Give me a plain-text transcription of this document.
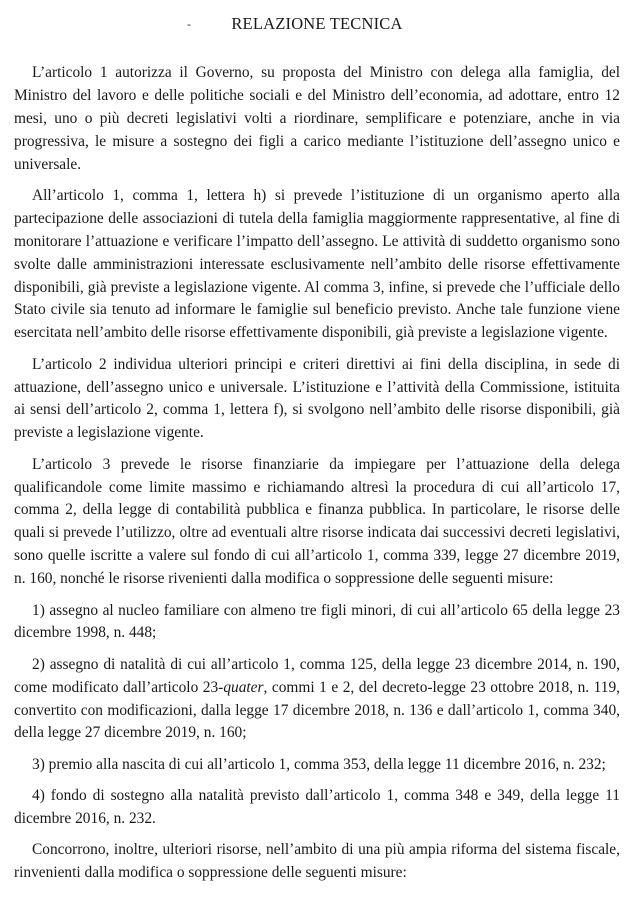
-	RELAZIONE TECNICA

L’articolo 1 autorizza il Governo, su proposta del Ministro con delega alla famiglia, del Ministro del lavoro e delle politiche sociali e del Ministro dell’economia, ad adottare, entro 12 mesi, uno o più decreti legislativi volti a riordinare, semplificare e potenziare, anche in via progressiva, le misure a sostegno dei figli a carico mediante l’istituzione dell’assegno unico e universale.

All’articolo 1, comma 1, lettera h) si prevede l’istituzione di un organismo aperto alla partecipazione delle associazioni di tutela della famiglia maggiormente rappresentative, al fine di monitorare l’attuazione e verificare l’impatto dell’assegno. Le attività di suddetto organismo sono svolte dalle amministrazioni interessate esclusivamente nell’ambito delle risorse effettivamente disponibili, già previste a legislazione vigente. Al comma 3, infine, si prevede che l’ufficiale dello Stato civile sia tenuto ad informare le famiglie sul beneficio previsto. Anche tale funzione viene esercitata nell’ambito delle risorse effettivamente disponibili, già previste a legislazione vigente.

L’articolo 2 individua ulteriori principi e criteri direttivi ai fini della disciplina, in sede di attuazione, dell’assegno unico e universale. L’istituzione e l’attività della Commissione, istituita ai sensi dell’articolo 2, comma 1, lettera f), si svolgono nell’ambito delle risorse disponibili, già previste a legislazione vigente.

L’articolo 3 prevede le risorse finanziarie da impiegare per l’attuazione della delega qualificandole come limite massimo e richiamando altresì la procedura di cui all’articolo 17, comma 2, della legge di contabilità pubblica e finanza pubblica. In particolare, le risorse delle quali si prevede l’utilizzo, oltre ad eventuali altre risorse indicata dai successivi decreti legislativi, sono quelle iscritte a valere sul fondo di cui all’articolo 1, comma 339, legge 27 dicembre 2019, n. 160, nonché le risorse rivenienti dalla modifica o soppressione delle seguenti misure:

1) assegno al nucleo familiare con almeno tre figli minori, di cui all’articolo 65 della legge 23 dicembre 1998, n. 448;

2) assegno di natalità di cui all’articolo 1, comma 125, della legge 23 dicembre 2014, n. 190, come modificato dall’articolo 23-quater, commi 1 e 2, del decreto-legge 23 ottobre 2018, n. 119, convertito con modificazioni, dalla legge 17 dicembre 2018, n. 136 e dall’articolo 1, comma 340, della legge 27 dicembre 2019, n. 160;

3) premio alla nascita di cui all’articolo 1, comma 353, della legge 11 dicembre 2016, n. 232;

4) fondo di sostegno alla natalità previsto dall’articolo 1, comma 348 e 349, della legge 11 dicembre 2016, n. 232.

Concorrono, inoltre, ulteriori risorse, nell’ambito di una più ampia riforma del sistema fiscale, rinvenienti dalla modifica o soppressione delle seguenti misure:
